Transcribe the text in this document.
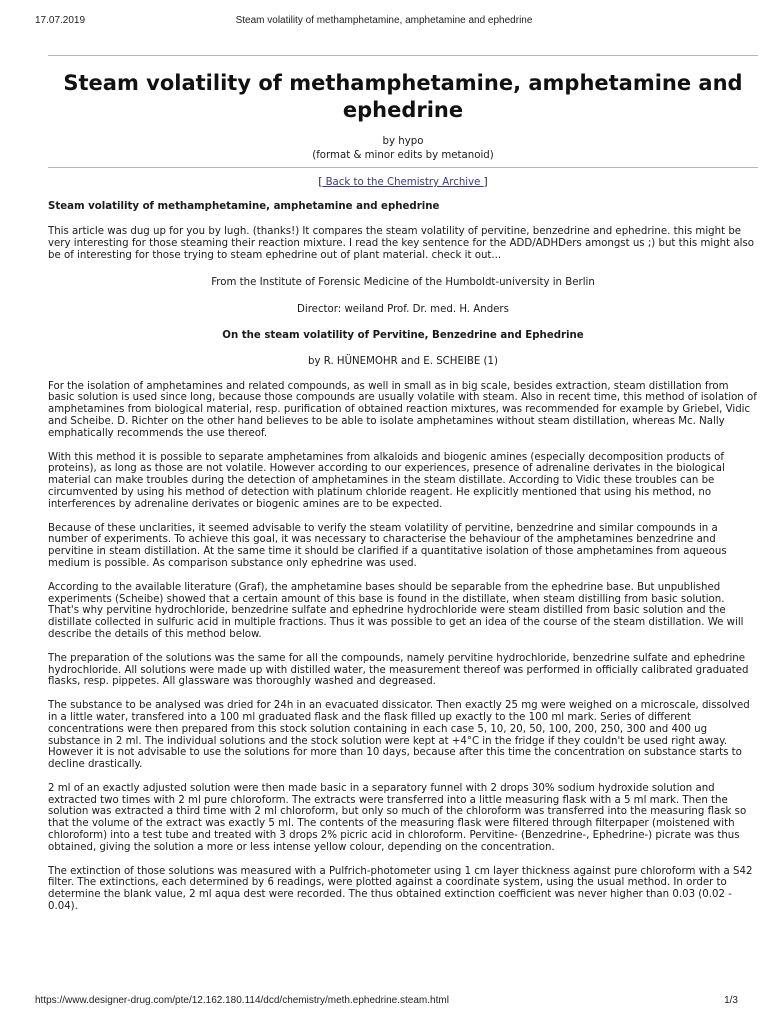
17.07.2019	Steam volatility of methamphetamine, amphetamine and ephedrine
Steam volatility of methamphetamine, amphetamine and ephedrine
by hypo
(format & minor edits by metanoid)
[ Back to the Chemistry Archive ]
Steam volatility of methamphetamine, amphetamine and ephedrine

This article was dug up for you by lugh. (thanks!) It compares the steam volatility of pervitine, benzedrine and ephedrine. this might be very interesting for those steaming their reaction mixture. I read the key sentence for the ADD/ADHDers amongst us ;) but this might also be of interesting for those trying to steam ephedrine out of plant material. check it out...

From the Institute of Forensic Medicine of the Humboldt-university in Berlin

Director: weiland Prof. Dr. med. H. Anders

On the steam volatility of Pervitine, Benzedrine and Ephedrine

by R. HÜNEMOHR and E. SCHEIBE (1)

For the isolation of amphetamines and related compounds, as well in small as in big scale, besides extraction, steam distillation from basic solution is used since long, because those compounds are usually volatile with steam. Also in recent time, this method of isolation of amphetamines from biological material, resp. purification of obtained reaction mixtures, was recommended for example by Griebel, Vidic and Scheibe. D. Richter on the other hand believes to be able to isolate amphetamines without steam distillation, whereas Mc. Nally emphatically recommends the use thereof.

With this method it is possible to separate amphetamines from alkaloids and biogenic amines (especially decomposition products of proteins), as long as those are not volatile. However according to our experiences, presence of adrenaline derivates in the biological material can make troubles during the detection of amphetamines in the steam distillate. According to Vidic these troubles can be circumvented by using his method of detection with platinum chloride reagent. He explicitly mentioned that using his method, no interferences by adrenaline derivates or biogenic amines are to be expected.

Because of these unclarities, it seemed advisable to verify the steam volatility of pervitine, benzedrine and similar compounds in a number of experiments. To achieve this goal, it was necessary to characterise the behaviour of the amphetamines benzedrine and pervitine in steam distillation. At the same time it should be clarified if a quantitative isolation of those amphetamines from aqueous medium is possible. As comparison substance only ephedrine was used.

According to the available literature (Graf), the amphetamine bases should be separable from the ephedrine base. But unpublished experiments (Scheibe) showed that a certain amount of this base is found in the distillate, when steam distilling from basic solution. That's why pervitine hydrochloride, benzedrine sulfate and ephedrine hydrochloride were steam distilled from basic solution and the distillate collected in sulfuric acid in multiple fractions. Thus it was possible to get an idea of the course of the steam distillation. We will describe the details of this method below.

The preparation of the solutions was the same for all the compounds, namely pervitine hydrochloride, benzedrine sulfate and ephedrine hydrochloride. All solutions were made up with distilled water, the measurement thereof was performed in officially calibrated graduated flasks, resp. pippetes. All glassware was thoroughly washed and degreased.

The substance to be analysed was dried for 24h in an evacuated dissicator. Then exactly 25 mg were weighed on a microscale, dissolved in a little water, transfered into a 100 ml graduated flask and the flask filled up exactly to the 100 ml mark. Series of different concentrations were then prepared from this stock solution containing in each case 5, 10, 20, 50, 100, 200, 250, 300 and 400 ug substance in 2 ml. The individual solutions and the stock solution were kept at +4°C in the fridge if they couldn't be used right away. However it is not advisable to use the solutions for more than 10 days, because after this time the concentration on substance starts to decline drastically.

2 ml of an exactly adjusted solution were then made basic in a separatory funnel with 2 drops 30% sodium hydroxide solution and extracted two times with 2 ml pure chloroform. The extracts were transferred into a little measuring flask with a 5 ml mark. Then the solution was extracted a third time with 2 ml chloroform, but only so much of the chloroform was transferred into the measuring flask so that the volume of the extract was exactly 5 ml. The contents of the measuring flask were filtered through filterpaper (moistened with chloroform) into a test tube and treated with 3 drops 2% picric acid in chloroform. Pervitine- (Benzedrine-, Ephedrine-) picrate was thus obtained, giving the solution a more or less intense yellow colour, depending on the concentration.

The extinction of those solutions was measured with a Pulfrich-photometer using 1 cm layer thickness against pure chloroform with a S42 filter. The extinctions, each determined by 6 readings, were plotted against a coordinate system, using the usual method. In order to determine the blank value, 2 ml aqua dest were recorded. The thus obtained extinction coefficient was never higher than 0.03 (0.02 - 0.04).

https://www.designer-drug.com/pte/12.162.180.114/dcd/chemistry/meth.ephedrine.steam.html	1/3
